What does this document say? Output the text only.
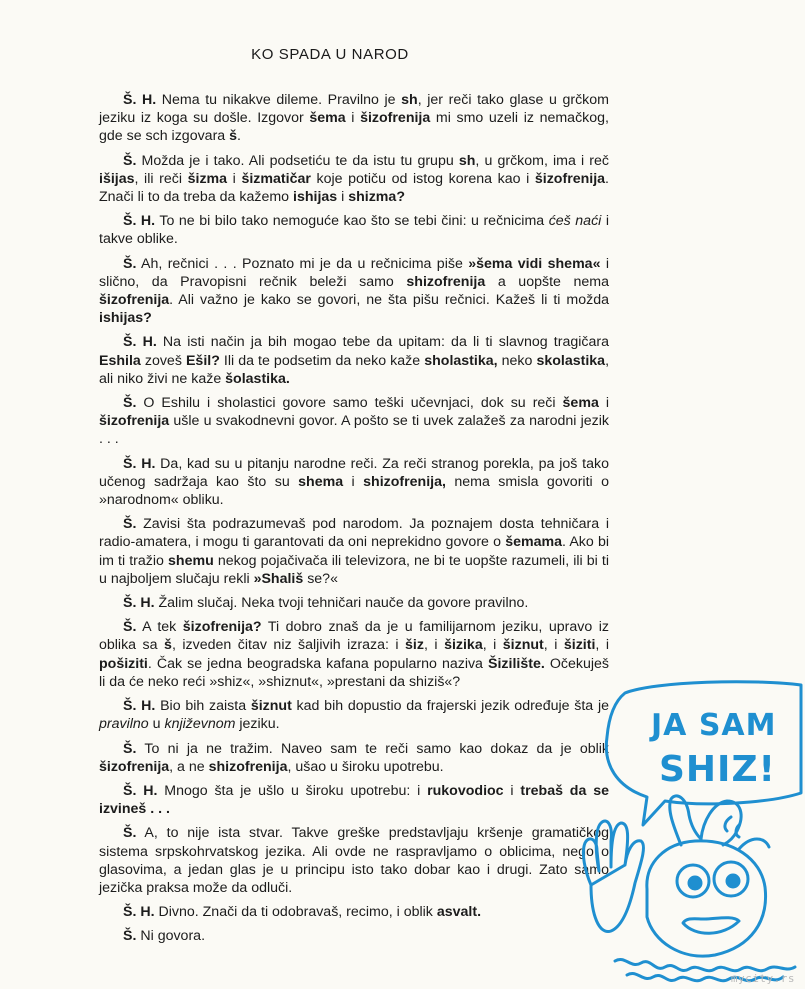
KO SPADA U NAROD

Š. H. Nema tu nikakve dileme. Pravilno je sh, jer reči tako glase u grčkom jeziku iz koga su došle. Izgovor šema i šizofrenija mi smo uzeli iz nemačkog, gde se sch izgovara š.

Š. Možda je i tako. Ali podsetiću te da istu tu grupu sh, u grčkom, ima i reč išijas, ili reči šizma i šizmatičar koje potiču od istog korena kao i šizofrenija. Znači li to da treba da kažemo ishijas i shizma?

Š. H. To ne bi bilo tako nemoguće kao što se tebi čini: u rečnicima ćeš naći i takve oblike.

Š. Ah, rečnici . . . Poznato mi je da u rečnicima piše »šema vidi shema« i slično, da Pravopisni rečnik beleži samo shizofrenija a uopšte nema šizofrenija. Ali važno je kako se govori, ne šta pišu rečnici. Kažeš li ti možda ishijas?

Š. H. Na isti način ja bih mogao tebe da upitam: da li ti slavnog tragičara Eshila zoveš Ešil? Ili da te podsetim da neko kaže sholastika, neko skolastika, ali niko živi ne kaže šolastika.

Š. O Eshilu i sholastici govore samo teški učevnjaci, dok su reči šema i šizofrenija ušle u svakodnevni govor. A pošto se ti uvek zalažeš za narodni jezik . . .

Š. H. Da, kad su u pitanju narodne reči. Za reči stranog porekla, pa još tako učenog sadržaja kao što su shema i shizofrenija, nema smisla govoriti o »narodnom« obliku.

Š. Zavisi šta podrazumevaš pod narodom. Ja poznajem dosta tehničara i radio-amatera, i mogu ti garantovati da oni neprekidno govore o šemama. Ako bi im ti tražio shemu nekog pojačivača ili televizora, ne bi te uopšte razumeli, ili bi ti u najboljem slučaju rekli »Shališ se?«

Š. H. Žalim slučaj. Neka tvoji tehničari nauče da govore pravilno.

Š. A tek šizofrenija? Ti dobro znaš da je u familijarnom jeziku, upravo iz oblika sa š, izveden čitav niz šaljivih izraza: i šiz, i šizika, i šiznut, i šiziti, i pošiziti. Čak se jedna beogradska kafana popularno naziva Šizilište. Očekuješ li da će neko reći »shiz«, »shiznut«, »prestani da shiziš«?

Š. H. Bio bih zaista šiznut kad bih dopustio da frajerski jezik određuje šta je pravilno u književnom jeziku.

Š. To ni ja ne tražim. Naveo sam te reči samo kao dokaz da je oblik šizofrenija, a ne shizofrenija, ušao u široku upotrebu.

Š. H. Mnogo šta je ušlo u široku upotrebu: i rukovodioc i trebaš da se izvineš . . .

Š. A, to nije ista stvar. Takve greške predstavljaju kršenje gramatičkog sistema srpskohrvatskog jezika. Ali ovde ne raspravljamo o oblicima, nego o glasovima, a jedan glas je u principu isto tako dobar kao i drugi. Zato samo jezička praksa može da odluči.

Š. H. Divno. Znači da ti odobravaš, recimo, i oblik asvalt.

Š. Ni govora.

JA SAM
SHIZ!
mycity.rs
